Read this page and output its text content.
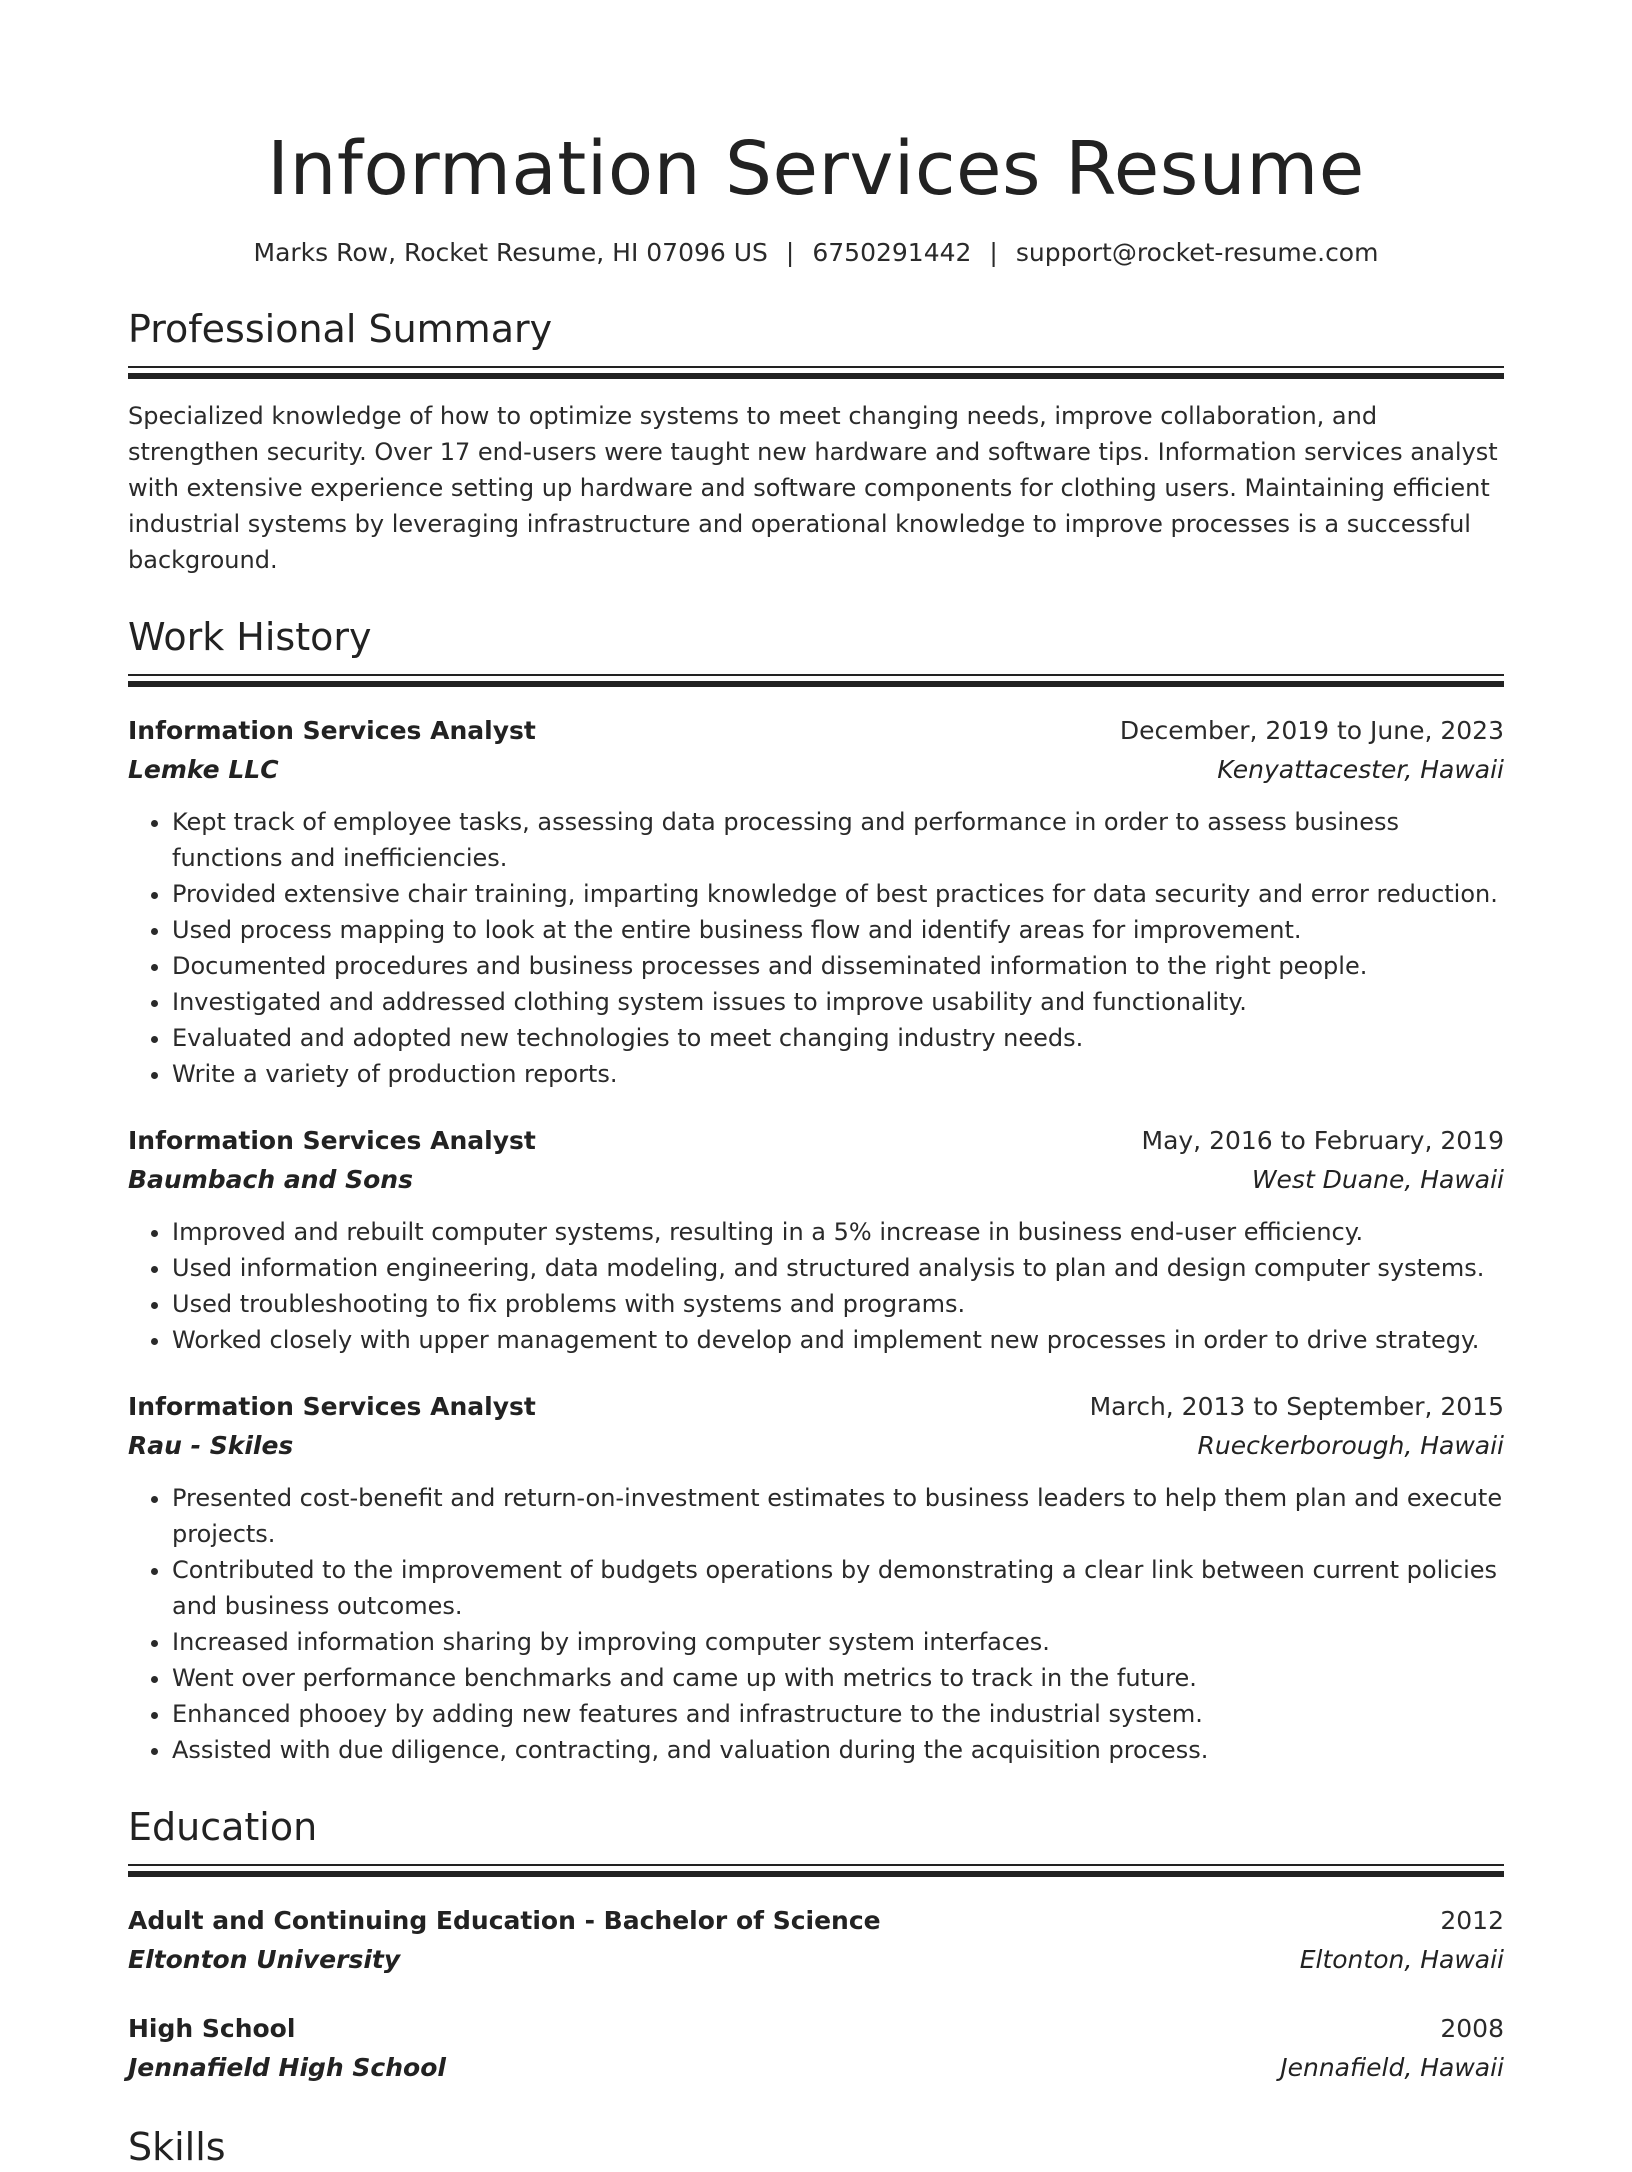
Information Services Resume
Marks Row, Rocket Resume, HI 07096 US | 6750291442 | support@rocket-resume.com
Professional Summary
Specialized knowledge of how to optimize systems to meet changing needs, improve collaboration, and strengthen security. Over 17 end-users were taught new hardware and software tips. Information services analyst with extensive experience setting up hardware and software components for clothing users. Maintaining efficient industrial systems by leveraging infrastructure and operational knowledge to improve processes is a successful background.
Work History
Information Services Analyst	December, 2019 to June, 2023
Lemke LLC	Kenyattacester, Hawaii
• Kept track of employee tasks, assessing data processing and performance in order to assess business functions and inefficiencies.
• Provided extensive chair training, imparting knowledge of best practices for data security and error reduction.
• Used process mapping to look at the entire business flow and identify areas for improvement.
• Documented procedures and business processes and disseminated information to the right people.
• Investigated and addressed clothing system issues to improve usability and functionality.
• Evaluated and adopted new technologies to meet changing industry needs.
• Write a variety of production reports.
Information Services Analyst	May, 2016 to February, 2019
Baumbach and Sons	West Duane, Hawaii
• Improved and rebuilt computer systems, resulting in a 5% increase in business end-user efficiency.
• Used information engineering, data modeling, and structured analysis to plan and design computer systems.
• Used troubleshooting to fix problems with systems and programs.
• Worked closely with upper management to develop and implement new processes in order to drive strategy.
Information Services Analyst	March, 2013 to September, 2015
Rau - Skiles	Rueckerborough, Hawaii
• Presented cost-benefit and return-on-investment estimates to business leaders to help them plan and execute projects.
• Contributed to the improvement of budgets operations by demonstrating a clear link between current policies and business outcomes.
• Increased information sharing by improving computer system interfaces.
• Went over performance benchmarks and came up with metrics to track in the future.
• Enhanced phooey by adding new features and infrastructure to the industrial system.
• Assisted with due diligence, contracting, and valuation during the acquisition process.
Education
Adult and Continuing Education - Bachelor of Science	2012
Eltonton University	Eltonton, Hawaii
High School	2008
Jennafield High School	Jennafield, Hawaii
Skills
